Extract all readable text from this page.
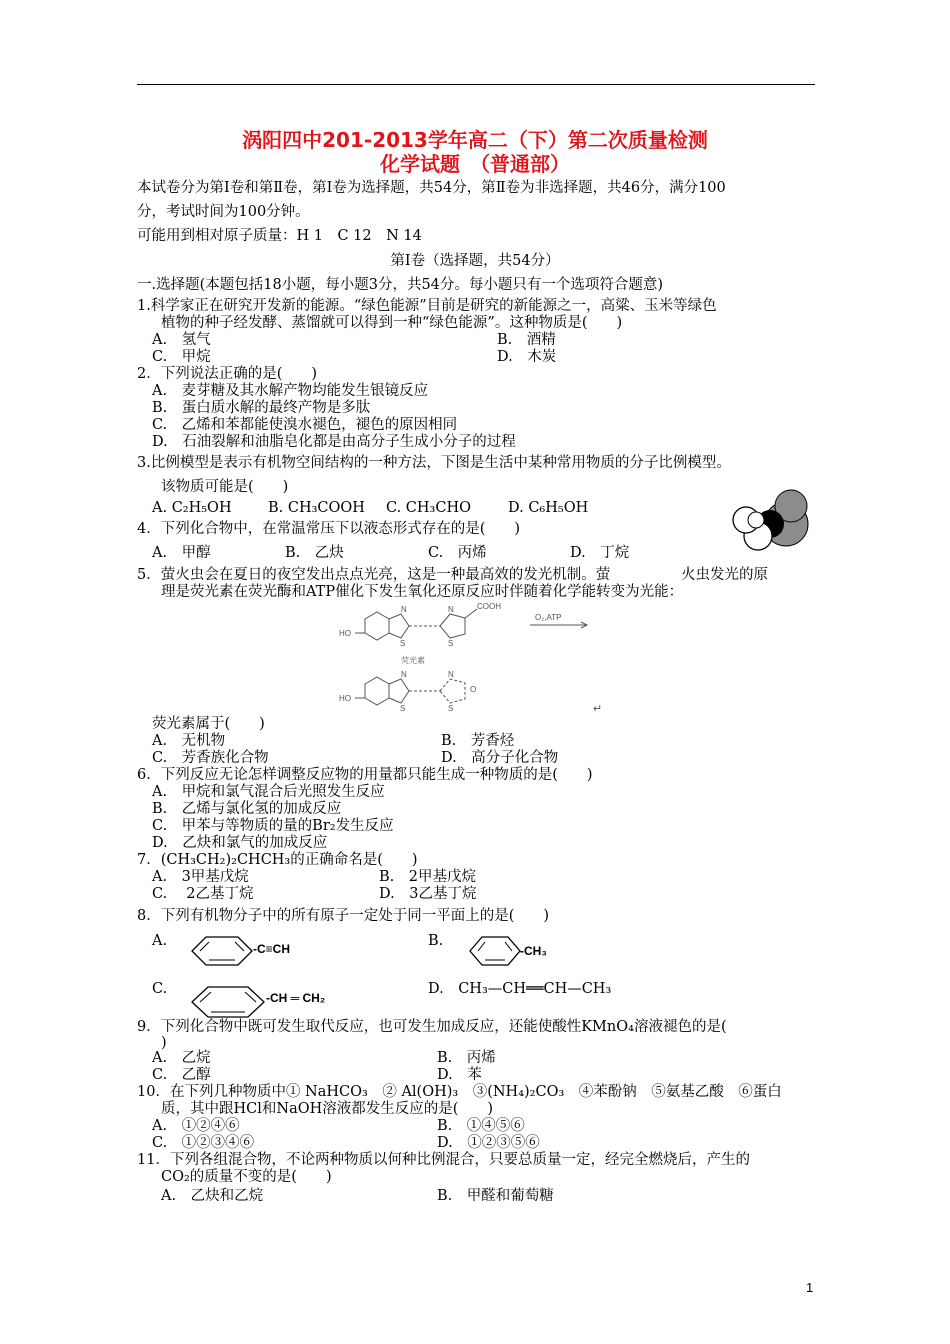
涡阳四中201-2013学年高二（下）第二次质量检测
化学试题　（普通部）
本试卷分为第Ⅰ卷和第Ⅱ卷，第Ⅰ卷为选择题，共54分，第Ⅱ卷为非选择题，共46分，满分100
分，考试时间为100分钟。
可能用到相对原子质量：H 1　C 12　N 14
第Ⅰ卷（选择题，共54分）
一.选择题(本题包括18小题，每小题3分，共54分。每小题只有一个选项符合题意)
1.科学家正在研究开发新的能源。“绿色能源”目前是研究的新能源之一，高粱、玉米等绿色
植物的种子经发酵、蒸馏就可以得到一种“绿色能源”。这种物质是(　　)
A.　氢气	B.　酒精
C.　甲烷	D.　木炭
2．下列说法正确的是(　　)
A.　麦芽糖及其水解产物均能发生银镜反应
B.　蛋白质水解的最终产物是多肽
C.　乙烯和苯都能使溴水褪色，褪色的原因相同
D.　石油裂解和油脂皂化都是由高分子生成小分子的过程
3.比例模型是表示有机物空间结构的一种方法，下图是生活中某种常用物质的分子比例模型。
该物质可能是(　　)
A. C₂H₅OH	B. CH₃COOH C. CH₃CHO	D. C₆H₅OH
4．下列化合物中，在常温常压下以液态形式存在的是(　　)
A.　甲醇	B.　乙炔	C.　丙烯	D.　丁烷
5．萤火虫会在夏日的夜空发出点点光亮，这是一种最高效的发光机制。萤	火虫发光的原
理是荧光素在荧光酶和ATP催化下发生氧化还原反应时伴随着化学能转变为光能：
HO
N
S
N
S
COOH
O₂,ATP
荧光素
HO
N
S
N
S
O
↵
荧光素属于(　　)
A.　无机物	B.　芳香烃
C.　芳香族化合物	D.　高分子化合物
6．下列反应无论怎样调整反应物的用量都只能生成一种物质的是(　　)
A.　甲烷和氯气混合后光照发生反应
B.　乙烯与氯化氢的加成反应
C.　甲苯与等物质的量的Br₂发生反应
D.　乙炔和氯气的加成反应
7．(CH₃CH₂)₂CHCH₃的正确命名是(　　)
A.　3甲基戊烷	B.　2甲基戊烷
C.　 2乙基丁烷	D.　3乙基丁烷
8．下列有机物分子中的所有原子一定处于同一平面上的是(　　)
A.	-C≡CH	B.
-CH₃
C.
-CH ═ CH₂
D.　CH₃—CH══CH—CH₃
9．下列化合物中既可发生取代反应，也可发生加成反应，还能使酸性KMnO₄溶液褪色的是(
)
A.　乙烷	B.　丙烯
C.　乙醇	D.　苯
10．在下列几种物质中① NaHCO₃　② Al(OH)₃　③(NH₄)₂CO₃　④苯酚钠　⑤氨基乙酸　⑥蛋白
质，其中跟HCl和NaOH溶液都发生反应的是(　　)
A.　①②④⑥	B.　①④⑤⑥
C.　①②③④⑥	D.　①②③⑤⑥
11．下列各组混合物，不论两种物质以何种比例混合，只要总质量一定，经完全燃烧后，产生的
CO₂的质量不变的是(　　)
A.　乙炔和乙烷	B.　甲醛和葡萄糖
1
